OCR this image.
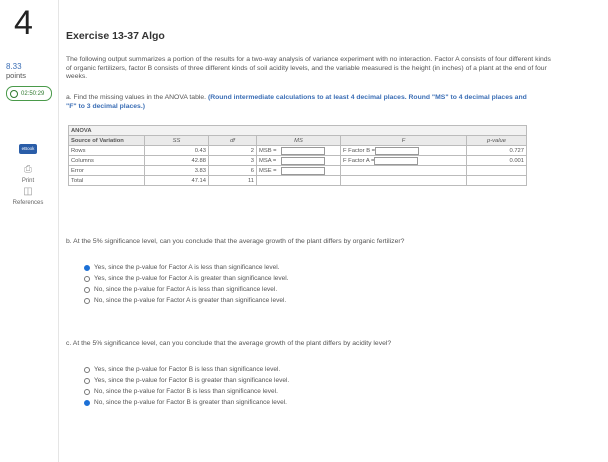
4
8.33
points
02:50:29
eBook
⎙
Print
◫
References
Exercise 13-37 Algo
The following output summarizes a portion of the results for a two-way analysis of variance experiment with no interaction. Factor A consists of four different kinds of organic fertilizers, factor B consists of three different kinds of soil acidity levels, and the variable measured is the height (in inches) of a plant at the end of four weeks.
a. Find the missing values in the ANOVA table. (Round intermediate calculations to at least 4 decimal places. Round "MS" to 4 decimal places and "F" to 3 decimal places.)
ANOVA					
Source of Variation	SS	df	MS	F	p-value
Rows	0.43	2	MSB =	F Factor B =	0.727
Columns	42.88	3	MSA =	F Factor A =	0.001
Error	3.83	6	MSE =		
Total	47.14	11			
b. At the 5% significance level, can you conclude that the average growth of the plant differs by organic fertilizer?
Yes, since the p-value for Factor A is less than significance level.
Yes, since the p-value for Factor A is greater than significance level.
No, since the p-value for Factor A is less than significance level.
No, since the p-value for Factor A is greater than significance level.
c. At the 5% significance level, can you conclude that the average growth of the plant differs by acidity level?
Yes, since the p-value for Factor B is less than significance level.
Yes, since the p-value for Factor B is greater than significance level.
No, since the p-value for Factor B is less than significance level.
No, since the p-value for Factor B is greater than significance level.
